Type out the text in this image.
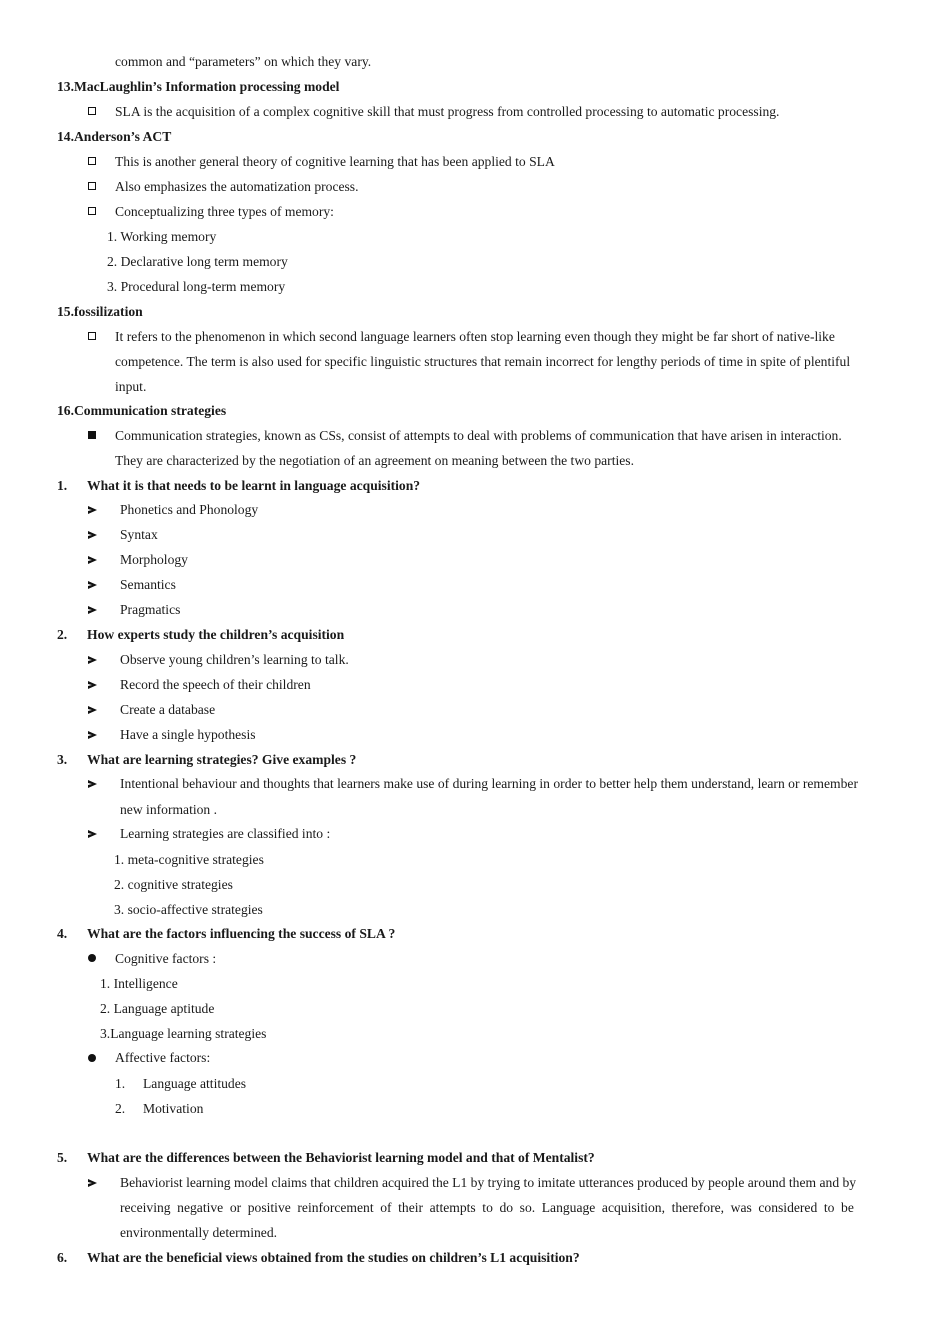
common and “parameters” on which they vary.
13.MacLaughlin’s Information processing model
SLA is the acquisition of a complex cognitive skill that must progress from controlled processing to automatic processing.
14.Anderson’s ACT
This is another general theory of cognitive learning that has been applied to SLA
Also emphasizes the automatization process.
Conceptualizing three types of memory:
1. Working memory
2. Declarative long term memory
3. Procedural long-term memory
15.fossilization
It refers to the phenomenon in which second language learners often stop learning even though they might be far short of native-like
competence. The term is also used for specific linguistic structures that remain incorrect for lengthy periods of time in spite of plentiful
input.
16.Communication strategies
Communication strategies, known as CSs, consist of attempts to deal with problems of communication that have arisen in interaction.
They are characterized by the negotiation of an agreement on meaning between the two parties.
1. What it is that needs to be learnt in language acquisition?
Phonetics and Phonology
Syntax
Morphology
Semantics
Pragmatics
2. How experts study the children’s acquisition
Observe young children’s learning to talk.
Record the speech of their children
Create a database
Have a single hypothesis
3. What are learning strategies? Give examples ?
Intentional behaviour and thoughts that learners make use of during learning in order to better help them understand, learn or remember
new information .
Learning strategies are classified into :
1. meta-cognitive strategies
2. cognitive strategies
3. socio-affective strategies
4. What are the factors influencing the success of SLA ?
Cognitive factors :
1. Intelligence
2. Language aptitude
3.Language learning strategies
Affective factors:
1. Language attitudes
2. Motivation
5. What are the differences between the Behaviorist learning model and that of Mentalist?
Behaviorist learning model claims that children acquired the L1 by trying to imitate utterances produced by people around them and by
receiving negative or positive reinforcement of their attempts to do so. Language acquisition, therefore, was considered to be
environmentally determined.
6. What are the beneficial views obtained from the studies on children’s L1 acquisition?
